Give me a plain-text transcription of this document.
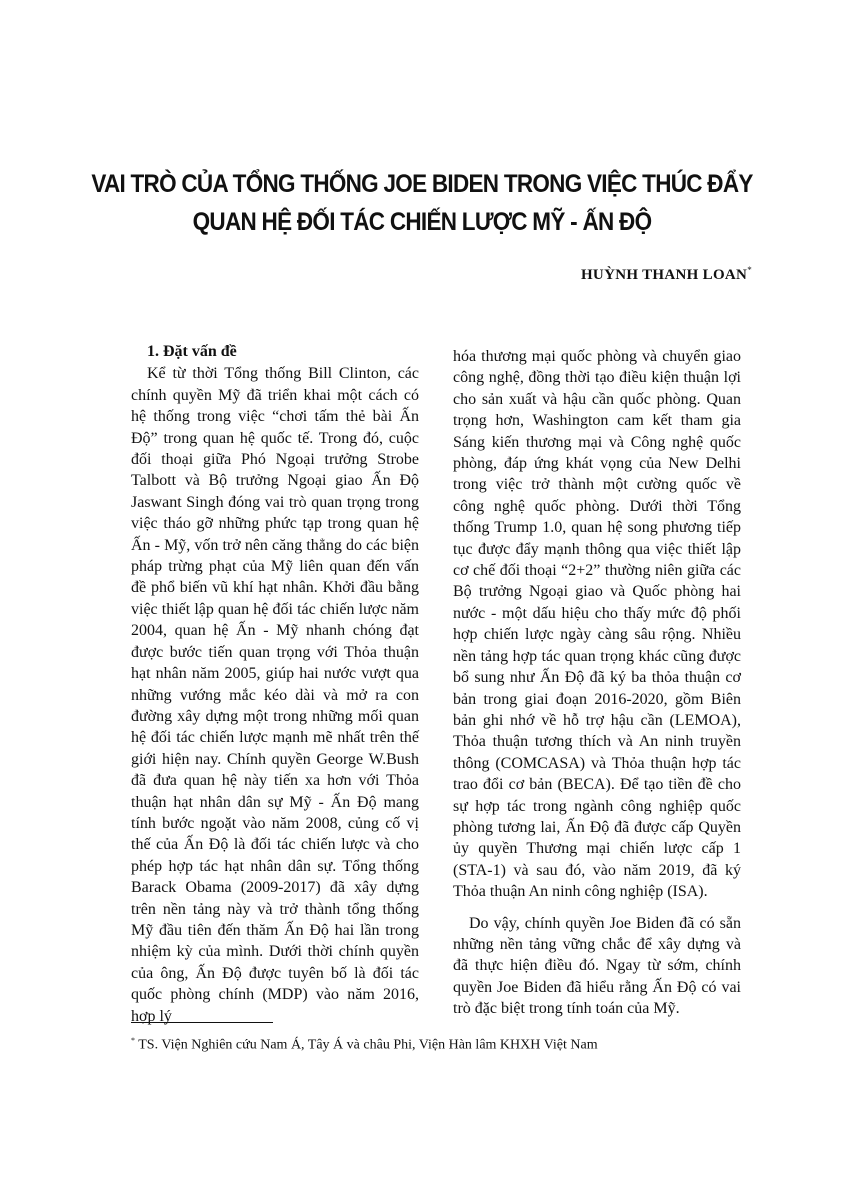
VAI TRÒ CỦA TỔNG THỐNG JOE BIDEN TRONG VIỆC THÚC ĐẨY
QUAN HỆ ĐỐI TÁC CHIẾN LƯỢC MỸ - ẤN ĐỘ
HUỲNH THANH LOAN*

1. Đặt vấn đề

Kể từ thời Tổng thống Bill Clinton, các chính quyền Mỹ đã triển khai một cách có hệ thống trong việc “chơi tấm thẻ bài Ấn Độ” trong quan hệ quốc tế. Trong đó, cuộc đối thoại giữa Phó Ngoại trưởng Strobe Talbott và Bộ trưởng Ngoại giao Ấn Độ Jaswant Singh đóng vai trò quan trọng trong việc tháo gỡ những phức tạp trong quan hệ Ấn - Mỹ, vốn trở nên căng thẳng do các biện pháp trừng phạt của Mỹ liên quan đến vấn đề phổ biến vũ khí hạt nhân. Khởi đầu bằng việc thiết lập quan hệ đối tác chiến lược năm 2004, quan hệ Ấn - Mỹ nhanh chóng đạt được bước tiến quan trọng với Thỏa thuận hạt nhân năm 2005, giúp hai nước vượt qua những vướng mắc kéo dài và mở ra con đường xây dựng một trong những mối quan hệ đối tác chiến lược mạnh mẽ nhất trên thế giới hiện nay. Chính quyền George W.Bush đã đưa quan hệ này tiến xa hơn với Thỏa thuận hạt nhân dân sự Mỹ - Ấn Độ mang tính bước ngoặt vào năm 2008, củng cố vị thế của Ấn Độ là đối tác chiến lược và cho phép hợp tác hạt nhân dân sự. Tổng thống Barack Obama (2009-2017) đã xây dựng trên nền tảng này và trở thành tổng thống Mỹ đầu tiên đến thăm Ấn Độ hai lần trong nhiệm kỳ của mình. Dưới thời chính quyền của ông, Ấn Độ được tuyên bố là đối tác quốc phòng chính (MDP) vào năm 2016, hợp lý

hóa thương mại quốc phòng và chuyển giao công nghệ, đồng thời tạo điều kiện thuận lợi cho sản xuất và hậu cần quốc phòng. Quan trọng hơn, Washington cam kết tham gia Sáng kiến thương mại và Công nghệ quốc phòng, đáp ứng khát vọng của New Delhi trong việc trở thành một cường quốc về công nghệ quốc phòng. Dưới thời Tổng thống Trump 1.0, quan hệ song phương tiếp tục được đẩy mạnh thông qua việc thiết lập cơ chế đối thoại “2+2” thường niên giữa các Bộ trưởng Ngoại giao và Quốc phòng hai nước - một dấu hiệu cho thấy mức độ phối hợp chiến lược ngày càng sâu rộng. Nhiều nền tảng hợp tác quan trọng khác cũng được bổ sung như Ấn Độ đã ký ba thỏa thuận cơ bản trong giai đoạn 2016-2020, gồm Biên bản ghi nhớ về hỗ trợ hậu cần (LEMOA), Thỏa thuận tương thích và An ninh truyền thông (COMCASA) và Thỏa thuận hợp tác trao đổi cơ bản (BECA). Để tạo tiền đề cho sự hợp tác trong ngành công nghiệp quốc phòng tương lai, Ấn Độ đã được cấp Quyền ủy quyền Thương mại chiến lược cấp 1 (STA-1) và sau đó, vào năm 2019, đã ký Thỏa thuận An ninh công nghiệp (ISA).

Do vậy, chính quyền Joe Biden đã có sẵn những nền tảng vững chắc để xây dựng và đã thực hiện điều đó. Ngay từ sớm, chính quyền Joe Biden đã hiểu rằng Ấn Độ có vai trò đặc biệt trong tính toán của Mỹ.

* TS. Viện Nghiên cứu Nam Á, Tây Á và châu Phi, Viện Hàn lâm KHXH Việt Nam
